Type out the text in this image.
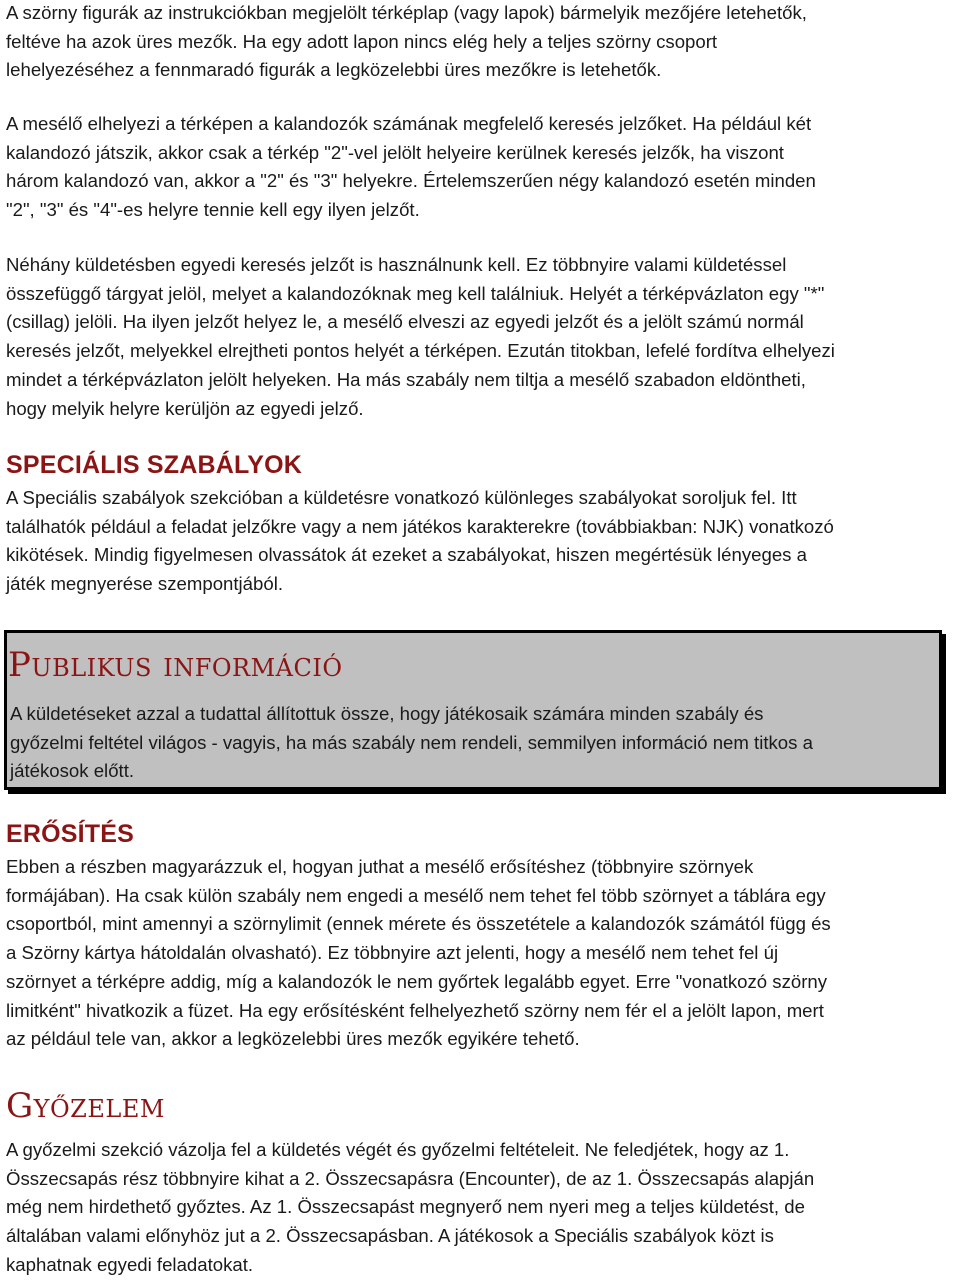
A szörny figurák az instrukciókban megjelölt térképlap (vagy lapok) bármelyik mezőjére letehetők,

feltéve ha azok üres mezők. Ha egy adott lapon nincs elég hely a teljes szörny csoport

lehelyezéséhez a fennmaradó figurák a legközelebbi üres mezőkre is letehetők.

A mesélő elhelyezi a térképen a kalandozók számának megfelelő keresés jelzőket. Ha például két

kalandozó játszik, akkor csak a térkép "2"-vel jelölt helyeire kerülnek keresés jelzők, ha viszont

három kalandozó van, akkor a "2" és "3" helyekre. Értelemszerűen négy kalandozó esetén minden

"2", "3" és "4"-es helyre tennie kell egy ilyen jelzőt.

Néhány küldetésben egyedi keresés jelzőt is használnunk kell. Ez többnyire valami küldetéssel

összefüggő tárgyat jelöl, melyet a kalandozóknak meg kell találniuk. Helyét a térképvázlaton egy "*"

(csillag) jelöli. Ha ilyen jelzőt helyez le, a mesélő elveszi az egyedi jelzőt és a jelölt számú normál

keresés jelzőt, melyekkel elrejtheti pontos helyét a térképen. Ezután titokban, lefelé fordítva elhelyezi

mindet a térképvázlaton jelölt helyeken. Ha más szabály nem tiltja a mesélő szabadon eldöntheti,

hogy melyik helyre kerüljön az egyedi jelző.

SPECIÁLIS SZABÁLYOK

A Speciális szabályok szekcióban a küldetésre vonatkozó különleges szabályokat soroljuk fel. Itt

találhatók például a feladat jelzőkre vagy a nem játékos karakterekre (továbbiakban: NJK) vonatkozó

kikötések. Mindig figyelmesen olvassátok át ezeket a szabályokat, hiszen megértésük lényeges a

játék megnyerése szempontjából.

Publikus információ

A küldetéseket azzal a tudattal állítottuk össze, hogy játékosaik számára minden szabály és

győzelmi feltétel világos - vagyis, ha más szabály nem rendeli, semmilyen információ nem titkos a

játékosok előtt.

ERŐSÍTÉS

Ebben a részben magyarázzuk el, hogyan juthat a mesélő erősítéshez (többnyire szörnyek

formájában). Ha csak külön szabály nem engedi a mesélő nem tehet fel több szörnyet a táblára egy

csoportból, mint amennyi a szörnylimit (ennek mérete és összetétele a kalandozók számától függ és

a Szörny kártya hátoldalán olvasható). Ez többnyire azt jelenti, hogy a mesélő nem tehet fel új

szörnyet a térképre addig, míg a kalandozók le nem győrtek legalább egyet. Erre "vonatkozó szörny

limitként" hivatkozik a füzet. Ha egy erősítésként felhelyezhető szörny nem fér el a jelölt lapon, mert

az például tele van, akkor a legközelebbi üres mezők egyikére tehető.

Győzelem

A győzelmi szekció vázolja fel a küldetés végét és győzelmi feltételeit. Ne feledjétek, hogy az 1.

Összecsapás rész többnyire kihat a 2. Összecsapásra (Encounter), de az 1. Összecsapás alapján

még nem hirdethető győztes. Az 1. Összecsapást megnyerő nem nyeri meg a teljes küldetést, de

általában valami előnyhöz jut a 2. Összecsapásban. A játékosok a Speciális szabályok közt is

kaphatnak egyedi feladatokat.
